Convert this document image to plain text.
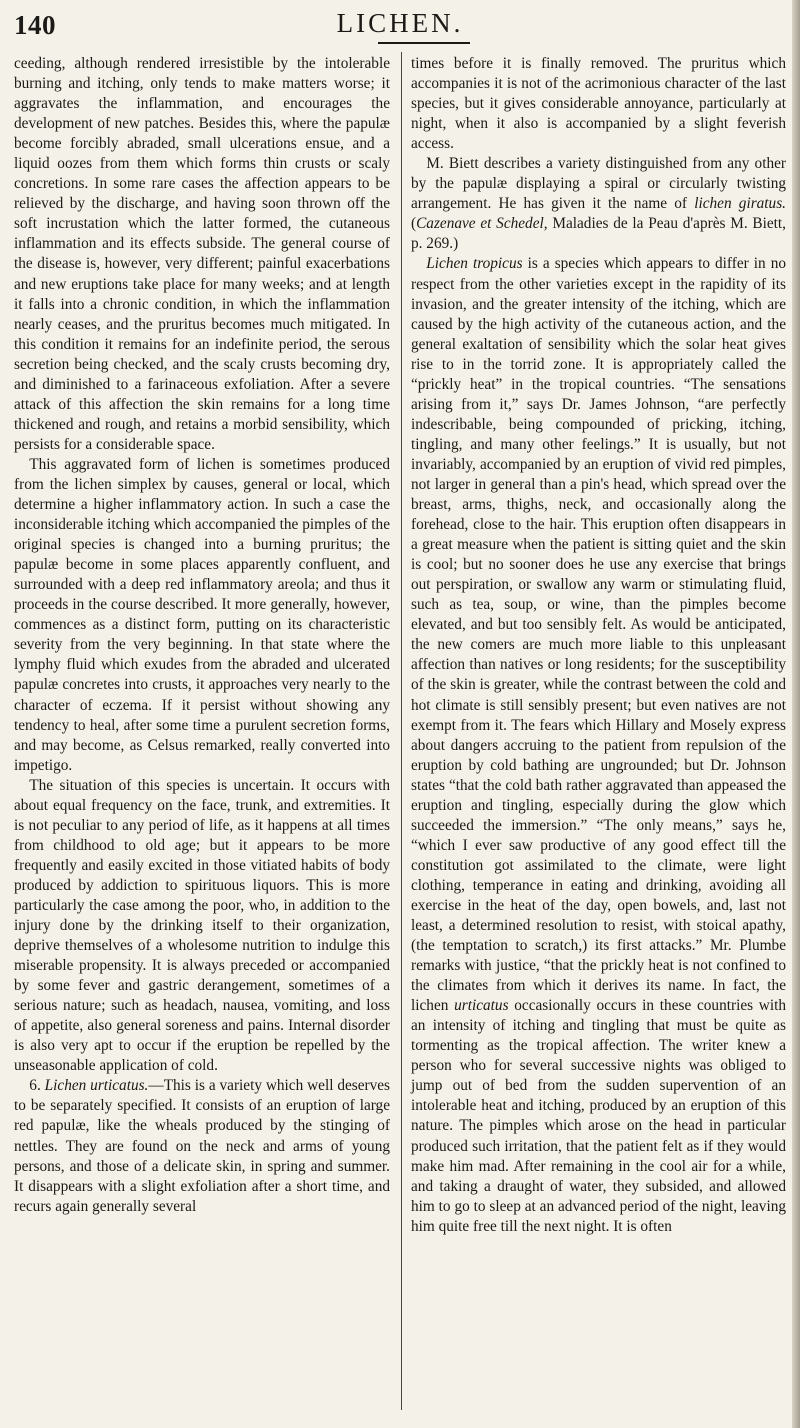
140	LICHEN.

ceeding, although rendered irresistible by the intolerable burning and itching, only tends to make matters worse; it aggravates the inflammation, and encourages the development of new patches. Besides this, where the papulæ become forcibly abraded, small ulcerations ensue, and a liquid oozes from them which forms thin crusts or scaly concretions. In some rare cases the affection appears to be relieved by the discharge, and having soon thrown off the soft incrustation which the latter formed, the cutaneous inflammation and its effects subside. The general course of the disease is, however, very different; painful exacerbations and new eruptions take place for many weeks; and at length it falls into a chronic condition, in which the inflammation nearly ceases, and the pruritus becomes much mitigated. In this condition it remains for an indefinite period, the serous secretion being checked, and the scaly crusts becoming dry, and diminished to a farinaceous exfoliation. After a severe attack of this affection the skin remains for a long time thickened and rough, and retains a morbid sensibility, which persists for a considerable space.

This aggravated form of lichen is sometimes produced from the lichen simplex by causes, general or local, which determine a higher inflammatory action. In such a case the inconsiderable itching which accompanied the pimples of the original species is changed into a burning pruritus; the papulæ become in some places apparently confluent, and surrounded with a deep red inflammatory areola; and thus it proceeds in the course described. It more generally, however, commences as a distinct form, putting on its characteristic severity from the very beginning. In that state where the lymphy fluid which exudes from the abraded and ulcerated papulæ concretes into crusts, it approaches very nearly to the character of eczema. If it persist without showing any tendency to heal, after some time a purulent secretion forms, and may become, as Celsus remarked, really converted into impetigo.

The situation of this species is uncertain. It occurs with about equal frequency on the face, trunk, and extremities. It is not peculiar to any period of life, as it happens at all times from childhood to old age; but it appears to be more frequently and easily excited in those vitiated habits of body produced by addiction to spirituous liquors. This is more particularly the case among the poor, who, in addition to the injury done by the drinking itself to their organization, deprive themselves of a wholesome nutrition to indulge this miserable propensity. It is always preceded or accompanied by some fever and gastric derangement, sometimes of a serious nature; such as headach, nausea, vomiting, and loss of appetite, also general soreness and pains. Internal disorder is also very apt to occur if the eruption be repelled by the unseasonable application of cold.

6. Lichen urticatus.—This is a variety which well deserves to be separately specified. It consists of an eruption of large red papulæ, like the wheals produced by the stinging of nettles. They are found on the neck and arms of young persons, and those of a delicate skin, in spring and summer. It disappears with a slight exfoliation after a short time, and recurs again generally several

times before it is finally removed. The pruritus which accompanies it is not of the acrimonious character of the last species, but it gives considerable annoyance, particularly at night, when it also is accompanied by a slight feverish access.

M. Biett describes a variety distinguished from any other by the papulæ displaying a spiral or circularly twisting arrangement. He has given it the name of lichen giratus. (Cazenave et Schedel, Maladies de la Peau d'après M. Biett, p. 269.)

Lichen tropicus is a species which appears to differ in no respect from the other varieties except in the rapidity of its invasion, and the greater intensity of the itching, which are caused by the high activity of the cutaneous action, and the general exaltation of sensibility which the solar heat gives rise to in the torrid zone. It is appropriately called the “prickly heat” in the tropical countries. “The sensations arising from it,” says Dr. James Johnson, “are perfectly indescribable, being compounded of pricking, itching, tingling, and many other feelings.” It is usually, but not invariably, accompanied by an eruption of vivid red pimples, not larger in general than a pin's head, which spread over the breast, arms, thighs, neck, and occasionally along the forehead, close to the hair. This eruption often disappears in a great measure when the patient is sitting quiet and the skin is cool; but no sooner does he use any exercise that brings out perspiration, or swallow any warm or stimulating fluid, such as tea, soup, or wine, than the pimples become elevated, and but too sensibly felt. As would be anticipated, the new comers are much more liable to this unpleasant affection than natives or long residents; for the susceptibility of the skin is greater, while the contrast between the cold and hot climate is still sensibly present; but even natives are not exempt from it. The fears which Hillary and Mosely express about dangers accruing to the patient from repulsion of the eruption by cold bathing are ungrounded; but Dr. Johnson states “that the cold bath rather aggravated than appeased the eruption and tingling, especially during the glow which succeeded the immersion.” “The only means,” says he, “which I ever saw productive of any good effect till the constitution got assimilated to the climate, were light clothing, temperance in eating and drinking, avoiding all exercise in the heat of the day, open bowels, and, last not least, a determined resolution to resist, with stoical apathy, (the temptation to scratch,) its first attacks.” Mr. Plumbe remarks with justice, “that the prickly heat is not confined to the climates from which it derives its name. In fact, the lichen urticatus occasionally occurs in these countries with an intensity of itching and tingling that must be quite as tormenting as the tropical affection. The writer knew a person who for several successive nights was obliged to jump out of bed from the sudden supervention of an intolerable heat and itching, produced by an eruption of this nature. The pimples which arose on the head in particular produced such irritation, that the patient felt as if they would make him mad. After remaining in the cool air for a while, and taking a draught of water, they subsided, and allowed him to go to sleep at an advanced period of the night, leaving him quite free till the next night. It is often
